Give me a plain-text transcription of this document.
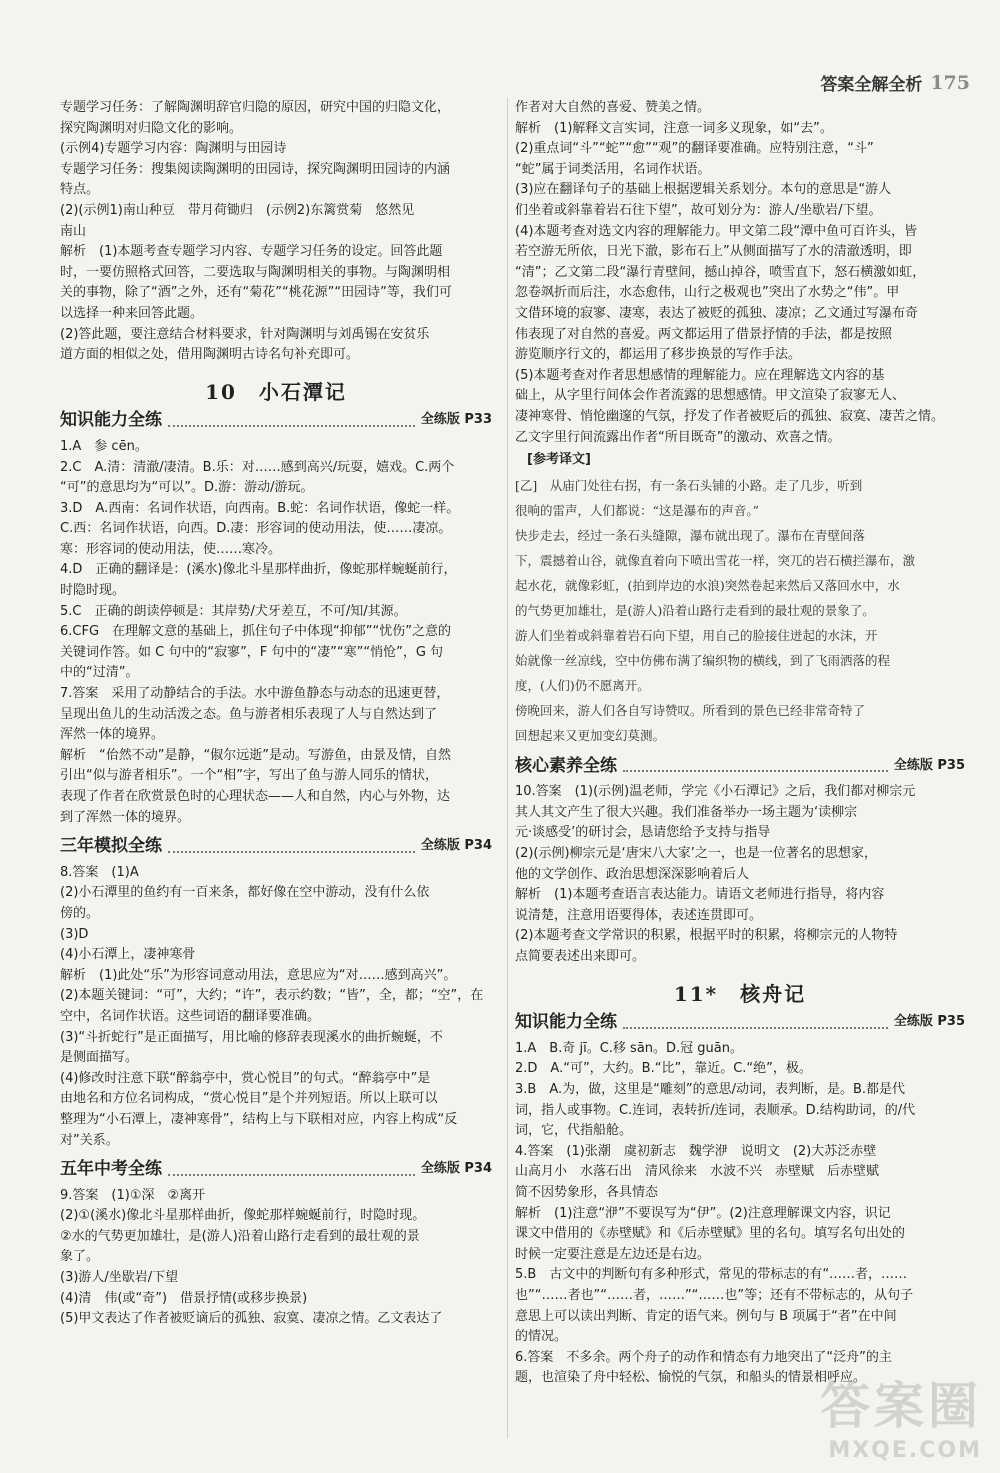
答案全解全析 175

专题学习任务：了解陶渊明辞官归隐的原因，研究中国的归隐文化，

探究陶渊明对归隐文化的影响。

(示例4)专题学习内容：陶渊明与田园诗

专题学习任务：搜集阅读陶渊明的田园诗，探究陶渊明田园诗的内涵

特点。

(2)(示例1)南山种豆　带月荷锄归　(示例2)东篱赏菊　悠然见

南山

解析　(1)本题考查专题学习内容、专题学习任务的设定。回答此题

时，一要仿照格式回答，二要选取与陶渊明相关的事物。与陶渊明相

关的事物，除了“酒”之外，还有“菊花”“桃花源”“田园诗”等，我们可

以选择一种来回答此题。

(2)答此题，要注意结合材料要求，针对陶渊明与刘禹锡在安贫乐

道方面的相似之处，借用陶渊明古诗名句补充即可。

10　小石潭记
知识能力全练	全练版 P33

1.A　参 cēn。

2.C　A.清：清澈/凄清。B.乐：对……感到高兴/玩耍，嬉戏。C.两个

“可”的意思均为“可以”。D.游：游动/游玩。

3.D　A.西南：名词作状语，向西南。B.蛇：名词作状语，像蛇一样。

C.西：名词作状语，向西。D.凄：形容词的使动用法，使……凄凉。

寒：形容词的使动用法，使……寒冷。

4.D　正确的翻译是：(溪水)像北斗星那样曲折，像蛇那样蜿蜒前行，

时隐时现。

5.C　正确的朗读停顿是：其岸势/犬牙差互，不可/知/其源。

6.CFG　在理解文意的基础上，抓住句子中体现“抑郁”“忧伤”之意的

关键词作答。如 C 句中的“寂寥”，F 句中的“凄”“寒”“悄怆”，G 句

中的“过清”。

7.答案　采用了动静结合的手法。水中游鱼静态与动态的迅速更替，

呈现出鱼儿的生动活泼之态。鱼与游者相乐表现了人与自然达到了

浑然一体的境界。

解析　“佁然不动”是静，“俶尔远逝”是动。写游鱼，由景及情，自然

引出“似与游者相乐”。一个“相”字，写出了鱼与游人同乐的情状，

表现了作者在欣赏景色时的心理状态——人和自然，内心与外物，达

到了浑然一体的境界。

三年模拟全练	全练版 P34

8.答案　(1)A

(2)小石潭里的鱼约有一百来条，都好像在空中游动，没有什么依

傍的。

(3)D

(4)小石潭上，凄神寒骨

解析　(1)此处“乐”为形容词意动用法，意思应为“对……感到高兴”。

(2)本题关键词：“可”，大约；“许”，表示约数；“皆”，全，都；“空”，在

空中，名词作状语。这些词语的翻译要准确。

(3)“斗折蛇行”是正面描写，用比喻的修辞表现溪水的曲折蜿蜒，不

是侧面描写。

(4)修改时注意下联“醉翁亭中，赏心悦目”的句式。“醉翁亭中”是

由地名和方位名词构成，“赏心悦目”是个并列短语。所以上联可以

整理为“小石潭上，凄神寒骨”，结构上与下联相对应，内容上构成“反

对”关系。

五年中考全练	全练版 P34

9.答案　(1)①深　②离开

(2)①(溪水)像北斗星那样曲折，像蛇那样蜿蜒前行，时隐时现。

②水的气势更加雄壮，是(游人)沿着山路行走看到的最壮观的景

象了。

(3)游人/坐歇岩/下望

(4)清　伟(或“奇”)　借景抒情(或移步换景)

(5)甲文表达了作者被贬谪后的孤独、寂寞、凄凉之情。乙文表达了

作者对大自然的喜爱、赞美之情。

解析　(1)解释文言实词，注意一词多义现象，如“去”。

(2)重点词“斗”“蛇”“愈”“观”的翻译要准确。应特别注意，“斗”

“蛇”属于词类活用，名词作状语。

(3)应在翻译句子的基础上根据逻辑关系划分。本句的意思是“游人

们坐着或斜靠着岩石往下望”，故可划分为：游人/坐歇岩/下望。

(4)本题考查对选文内容的理解能力。甲文第二段“潭中鱼可百许头，皆

若空游无所依，日光下澈，影布石上”从侧面描写了水的清澈透明，即

“清”；乙文第二段“瀑行青壁间，撼山掉谷，喷雪直下，怒石横激如虹，

忽卷飒折而后注，水态愈伟，山行之极观也”突出了水势之“伟”。甲

文借环境的寂寥、凄寒，表达了被贬的孤独、凄凉；乙文通过写瀑布奇

伟表现了对自然的喜爱。两文都运用了借景抒情的手法，都是按照

游览顺序行文的，都运用了移步换景的写作手法。

(5)本题考查对作者思想感情的理解能力。应在理解选文内容的基

础上，从字里行间体会作者流露的思想感情。甲文渲染了寂寥无人、

凄神寒骨、悄怆幽邃的气氛，抒发了作者被贬后的孤独、寂寞、凄苦之情。

乙文字里行间流露出作者“所目既奇”的激动、欢喜之情。

[参考译文]

[乙]　从庙门处往右拐，有一条石头铺的小路。走了几步，听到

很响的雷声，人们都说：“这是瀑布的声音。”

快步走去，经过一条石头缝隙，瀑布就出现了。瀑布在青壁间落

下，震撼着山谷，就像直着向下喷出雪花一样，突兀的岩石横拦瀑布，激

起水花，就像彩虹，(拍到岸边的水浪)突然卷起来然后又落回水中，水

的气势更加雄壮，是(游人)沿着山路行走看到的最壮观的景象了。

游人们坐着或斜靠着岩石向下望，用自己的脸接住迸起的水沫，开

始就像一丝凉线，空中仿佛布满了编织物的横线，到了飞雨洒落的程

度，(人们)仍不愿离开。

傍晚回来，游人们各自写诗赞叹。所看到的景色已经非常奇特了

回想起来又更加变幻莫测。

核心素养全练	全练版 P35

10.答案　(1)(示例)温老师，学完《小石潭记》之后，我们都对柳宗元

其人其文产生了很大兴趣。我们准备举办一场主题为‘读柳宗

元·谈感受’的研讨会，恳请您给予支持与指导

(2)(示例)柳宗元是‘唐宋八大家’之一，也是一位著名的思想家，

他的文学创作、政治思想深深影响着后人

解析　(1)本题考查语言表达能力。请语文老师进行指导，将内容

说清楚，注意用语要得体，表述连贯即可。

(2)本题考查文学常识的积累，根据平时的积累，将柳宗元的人物特

点简要表述出来即可。

11*　核舟记
知识能力全练	全练版 P35

1.A　B.奇 jī。C.移 sān。D.冠 guān。

2.D　A.“可”，大约。B.“比”，靠近。C.“绝”，极。

3.B　A.为，做，这里是“雕刻”的意思/动词，表判断，是。B.都是代

词，指人或事物。C.连词，表转折/连词，表顺承。D.结构助词，的/代

词，它，代指船舱。

4.答案　(1)张潮　虞初新志　魏学洢　说明文　(2)大苏泛赤壁

山高月小　水落石出　清风徐来　水波不兴　赤壁赋　后赤壁赋

简不因势象形，各具情态

解析　(1)注意“洢”不要误写为“伊”。(2)注意理解课文内容，识记

课文中借用的《赤壁赋》和《后赤壁赋》里的名句。填写名句出处的

时候一定要注意是左边还是右边。

5.B　古文中的判断句有多种形式，常见的带标志的有“……者，……

也”“……者也”“……者，……”“……也”等；还有不带标志的，从句子

意思上可以读出判断、肯定的语气来。例句与 B 项属于“者”在中间

的情况。

6.答案　不多余。两个舟子的动作和情态有力地突出了“泛舟”的主

题，也渲染了舟中轻松、愉悦的气氛，和船头的情景相呼应。

答案圈
MXQE.COM
